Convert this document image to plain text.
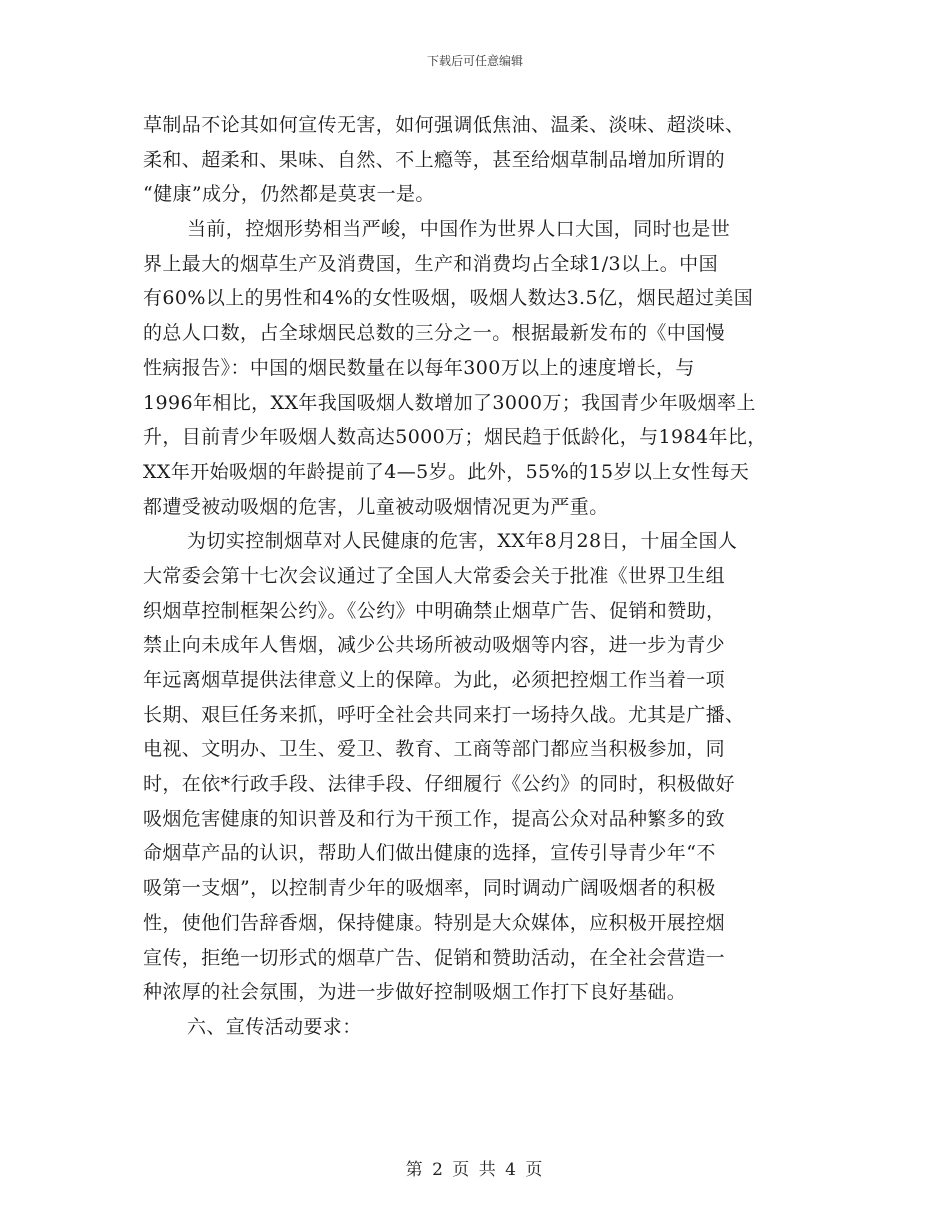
下载后可任意编辑
草制品不论其如何宣传无害，如何强调低焦油、温柔、淡味、超淡味、
柔和、超柔和、果味、自然、不上瘾等，甚至给烟草制品增加所谓的
“健康”成分，仍然都是莫衷一是。
当前，控烟形势相当严峻，中国作为世界人口大国，同时也是世
界上最大的烟草生产及消费国，生产和消费均占全球1/3以上。中国
有60%以上的男性和4%的女性吸烟，吸烟人数达3.5亿，烟民超过美国
的总人口数，占全球烟民总数的三分之一。根据最新发布的《中国慢
性病报告》：中国的烟民数量在以每年300万以上的速度增长，与
1996年相比，XX年我国吸烟人数增加了3000万；我国青少年吸烟率上
升，目前青少年吸烟人数高达5000万；烟民趋于低龄化，与1984年比，
XX年开始吸烟的年龄提前了4—5岁。此外，55%的15岁以上女性每天
都遭受被动吸烟的危害，儿童被动吸烟情况更为严重。
为切实控制烟草对人民健康的危害，XX年8月28日，十届全国人
大常委会第十七次会议通过了全国人大常委会关于批准《世界卫生组
织烟草控制框架公约》。《公约》中明确禁止烟草广告、促销和赞助，
禁止向未成年人售烟，减少公共场所被动吸烟等内容，进一步为青少
年远离烟草提供法律意义上的保障。为此，必须把控烟工作当着一项
长期、艰巨任务来抓，呼吁全社会共同来打一场持久战。尤其是广播、
电视、文明办、卫生、爱卫、教育、工商等部门都应当积极参加，同
时，在依*行政手段、法律手段、仔细履行《公约》的同时，积极做好
吸烟危害健康的知识普及和行为干预工作，提高公众对品种繁多的致
命烟草产品的认识，帮助人们做出健康的选择，宣传引导青少年“不
吸第一支烟”，以控制青少年的吸烟率，同时调动广阔吸烟者的积极
性，使他们告辞香烟，保持健康。特别是大众媒体，应积极开展控烟
宣传，拒绝一切形式的烟草广告、促销和赞助活动，在全社会营造一
种浓厚的社会氛围，为进一步做好控制吸烟工作打下良好基础。
六、宣传活动要求：
第 2 页 共 4 页
